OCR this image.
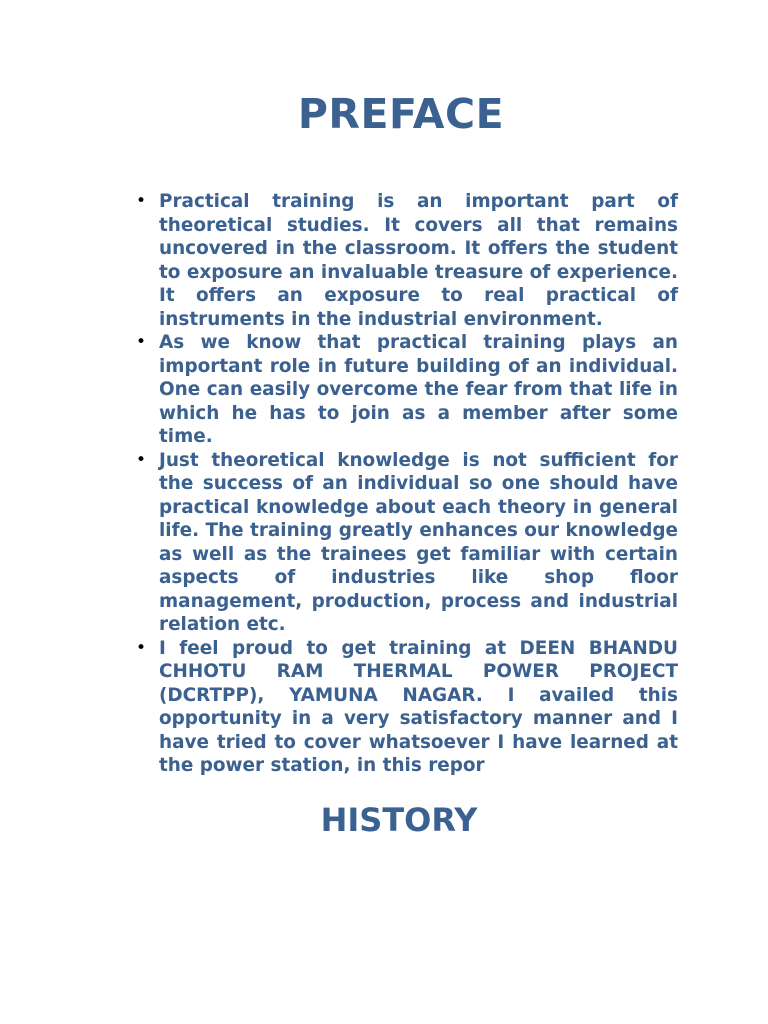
PREFACE
• Practical training is an important part of theoretical studies. It covers all that remains uncovered in the classroom. It offers the student to exposure an invaluable treasure of experience. It offers an exposure to real practical of instruments in the industrial environment.
• As we know that practical training plays an important role in future building of an individual. One can easily overcome the fear from that life in which he has to join as a member after some time.
• Just theoretical knowledge is not sufficient for the success of an individual so one should have practical knowledge about each theory in general life. The training greatly enhances our knowledge as well as the trainees get familiar with certain aspects of industries like shop floor management, production, process and industrial relation etc.
• I feel proud to get training at DEEN BHANDU CHHOTU RAM THERMAL POWER PROJECT (DCRTPP), YAMUNA NAGAR. I availed this opportunity in a very satisfactory manner and I have tried to cover whatsoever I have learned at the power station, in this repor
HISTORY
